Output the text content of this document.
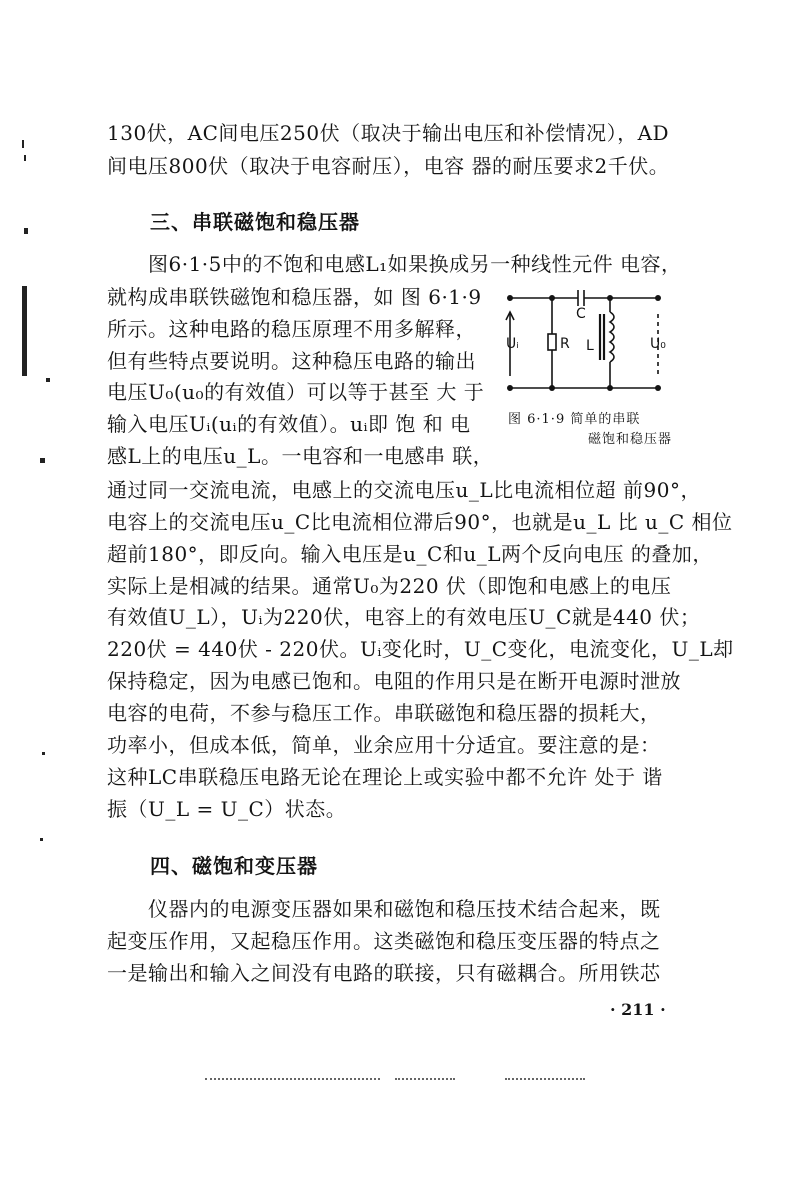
130伏，AC间电压250伏（取决于输出电压和补偿情况），AD
间电压800伏（取决于电容耐压），电容 器的耐压要求2千伏。
三、串联磁饱和稳压器
图6·1·5中的不饱和电感L₁如果换成另一种线性元件 电容，
就构成串联铁磁饱和稳压器，如 图 6·1·9
所示。这种电路的稳压原理不用多解释，
但有些特点要说明。这种稳压电路的输出
电压U₀(u₀的有效值）可以等于甚至 大 于
输入电压Uᵢ(uᵢ的有效值）。uᵢ即 饱 和 电
感L上的电压u_L。一电容和一电感串 联，
Uᵢ	R
C
L	U₀
图 6·1·9 简单的串联
磁饱和稳压器
通过同一交流电流，电感上的交流电压u_L比电流相位超 前90°，
电容上的交流电压u_C比电流相位滞后90°，也就是u_L 比 u_C 相位
超前180°，即反向。输入电压是u_C和u_L两个反向电压 的叠加，
实际上是相减的结果。通常U₀为220 伏（即饱和电感上的电压
有效值U_L），Uᵢ为220伏，电容上的有效电压U_C就是440 伏；
220伏 = 440伏 - 220伏。Uᵢ变化时，U_C变化，电流变化，U_L却
保持稳定，因为电感已饱和。电阻的作用只是在断开电源时泄放
电容的电荷，不参与稳压工作。串联磁饱和稳压器的损耗大，
功率小，但成本低，简单，业余应用十分适宜。要注意的是：
这种LC串联稳压电路无论在理论上或实验中都不允许 处于 谐
振（U_L = U_C）状态。
四、磁饱和变压器
仪器内的电源变压器如果和磁饱和稳压技术结合起来，既
起变压作用，又起稳压作用。这类磁饱和稳压变压器的特点之
一是输出和输入之间没有电路的联接，只有磁耦合。所用铁芯
· 211 ·
